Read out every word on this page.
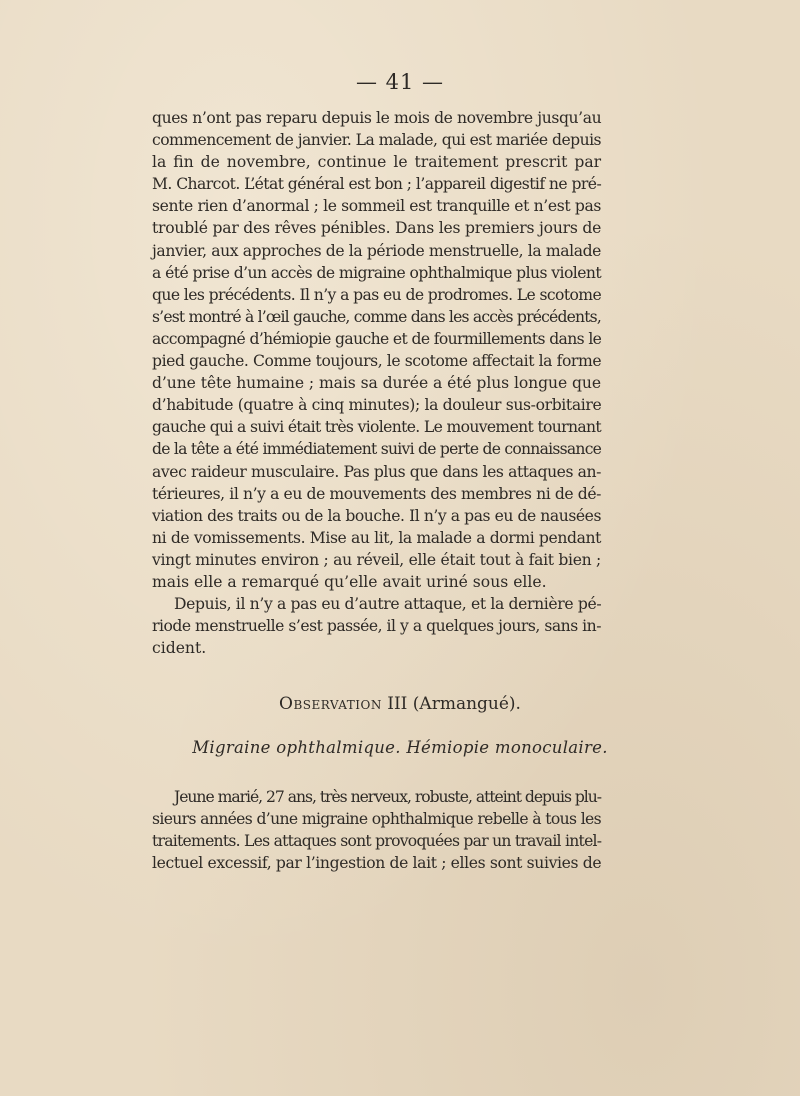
— 41 —
ques n’ont pas reparu depuis le mois de novembre jusqu’au
commencement de janvier. La malade, qui est mariée depuis
la fin de novembre, continue le traitement prescrit par
M. Charcot. L’état général est bon ; l’appareil digestif ne pré-
sente rien d’anormal ; le sommeil est tranquille et n’est pas
troublé par des rêves pénibles. Dans les premiers jours de
janvier, aux approches de la période menstruelle, la malade
a été prise d’un accès de migraine ophthalmique plus violent
que les précédents. Il n’y a pas eu de prodromes. Le scotome
s’est montré à l’œil gauche, comme dans les accès précédents,
accompagné d’hémiopie gauche et de fourmillements dans le
pied gauche. Comme toujours, le scotome affectait la forme
d’une tête humaine ; mais sa durée a été plus longue que
d’habitude (quatre à cinq minutes); la douleur sus-orbitaire
gauche qui a suivi était très violente. Le mouvement tournant
de la tête a été immédiatement suivi de perte de connaissance
avec raideur musculaire. Pas plus que dans les attaques an-
térieures, il n’y a eu de mouvements des membres ni de dé-
viation des traits ou de la bouche. Il n’y a pas eu de nausées
ni de vomissements. Mise au lit, la malade a dormi pendant
vingt minutes environ ; au réveil, elle était tout à fait bien ;
mais elle a remarqué qu’elle avait uriné sous elle.
Depuis, il n’y a pas eu d’autre attaque, et la dernière pé-
riode menstruelle s’est passée, il y a quelques jours, sans in-
cident.
Observation III (Armangué).
Migraine ophthalmique. Hémiopie monoculaire.
Jeune marié, 27 ans, très nerveux, robuste, atteint depuis plu-
sieurs années d’une migraine ophthalmique rebelle à tous les
traitements. Les attaques sont provoquées par un travail intel-
lectuel excessif, par l’ingestion de lait ; elles sont suivies de
